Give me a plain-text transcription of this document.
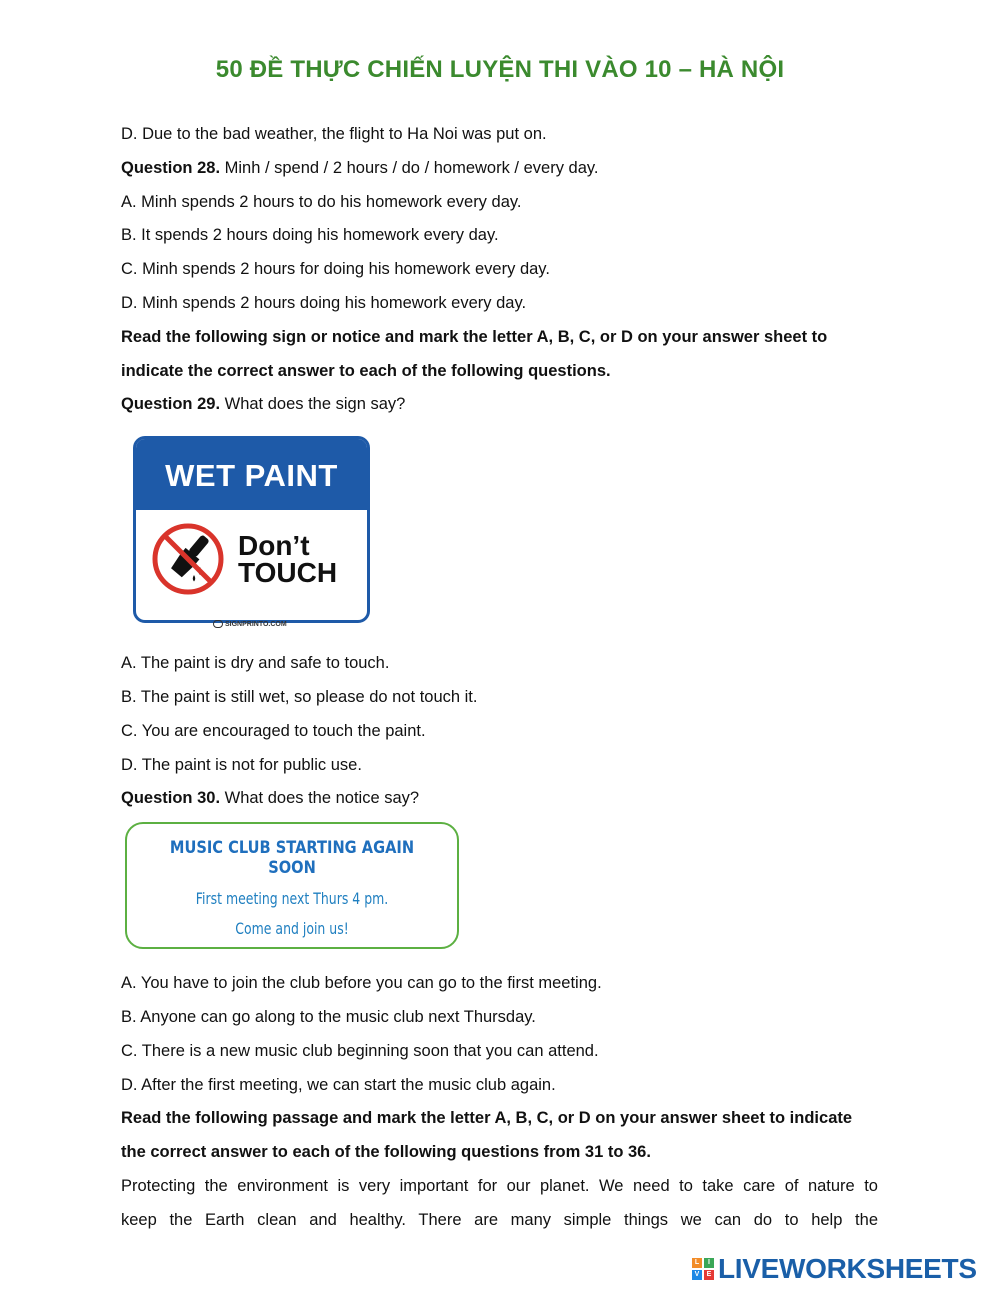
50 ĐỀ THỰC CHIẾN LUYỆN THI VÀO 10 – HÀ NỘI
D. Due to the bad weather, the flight to Ha Noi was put on.
Question 28. Minh / spend / 2 hours / do / homework / every day.
A. Minh spends 2 hours to do his homework every day.
B. It spends 2 hours doing his homework every day.
C. Minh spends 2 hours for doing his homework every day.
D. Minh spends 2 hours doing his homework every day.
Read the following sign or notice and mark the letter A, B, C, or D on your answer sheet to
indicate the correct answer to each of the following questions.
Question 29. What does the sign say?
WET PAINT
Don’t
TOUCH
SIGNPRINTO.COM
A. The paint is dry and safe to touch.
B. The paint is still wet, so please do not touch it.
C. You are encouraged to touch the paint.
D. The paint is not for public use.
Question 30. What does the notice say?
MUSIC CLUB STARTING AGAIN SOON
First meeting next Thurs 4 pm.
Come and join us!
A. You have to join the club before you can go to the first meeting.
B. Anyone can go along to the music club next Thursday.
C. There is a new music club beginning soon that you can attend.
D. After the first meeting, we can start the music club again.
Read the following passage and mark the letter A, B, C, or D on your answer sheet to indicate
the correct answer to each of the following questions from 31 to 36.
Protecting the environment is very important for our planet. We need to take care of nature to
keep the Earth clean and healthy. There are many simple things we can do to help the
L	I
V	E LIVEWORKSHEETS
